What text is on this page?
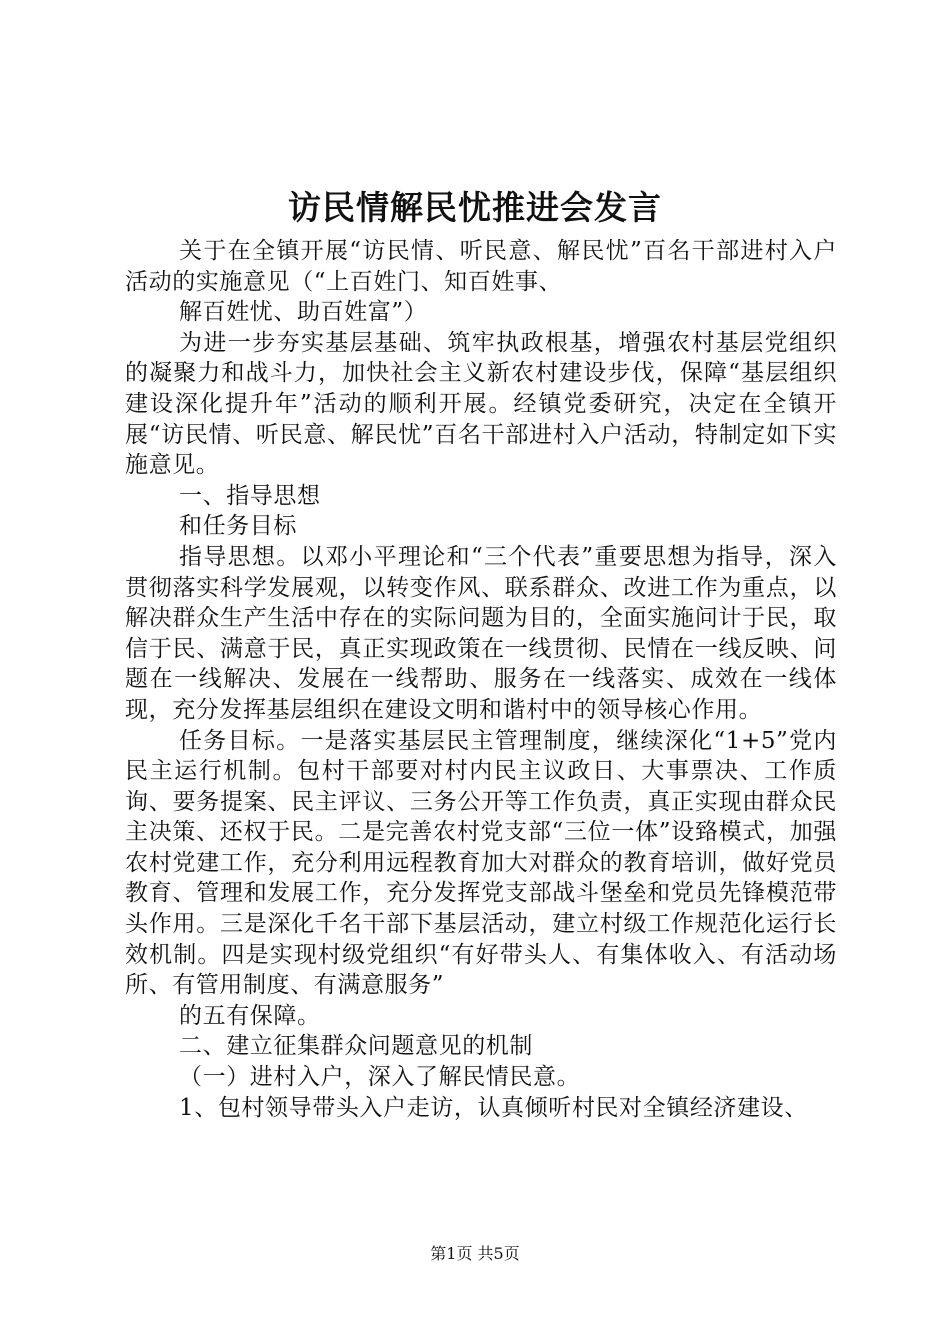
访民情解民忧推进会发言

关于在全镇开展“访民情、听民意、解民忧”百名干部进村入户活动的实施意见（“上百姓门、知百姓事、

解百姓忧、助百姓富”）

为进一步夯实基层基础、筑牢执政根基，增强农村基层党组织的凝聚力和战斗力，加快社会主义新农村建设步伐，保障“基层组织建设深化提升年”活动的顺利开展。经镇党委研究，决定在全镇开展“访民情、听民意、解民忧”百名干部进村入户活动，特制定如下实施意见。

一、指导思想

和任务目标

指导思想。以邓小平理论和“三个代表”重要思想为指导，深入贯彻落实科学发展观，以转变作风、联系群众、改进工作为重点，以解决群众生产生活中存在的实际问题为目的，全面实施问计于民，取信于民、满意于民，真正实现政策在一线贯彻、民情在一线反映、问题在一线解决、发展在一线帮助、服务在一线落实、成效在一线体现，充分发挥基层组织在建设文明和谐村中的领导核心作用。

任务目标。一是落实基层民主管理制度，继续深化“1+5”党内民主运行机制。包村干部要对村内民主议政日、大事票决、工作质询、要务提案、民主评议、三务公开等工作负责，真正实现由群众民主决策、还权于民。二是完善农村党支部“三位一体”设臵模式，加强农村党建工作，充分利用远程教育加大对群众的教育培训，做好党员教育、管理和发展工作，充分发挥党支部战斗堡垒和党员先锋模范带头作用。三是深化千名干部下基层活动，建立村级工作规范化运行长效机制。四是实现村级党组织“有好带头人、有集体收入、有活动场所、有管用制度、有满意服务”

的五有保障。

二、建立征集群众问题意见的机制

（一）进村入户，深入了解民情民意。

1、包村领导带头入户走访，认真倾听村民对全镇经济建设、

第1页 共5页
